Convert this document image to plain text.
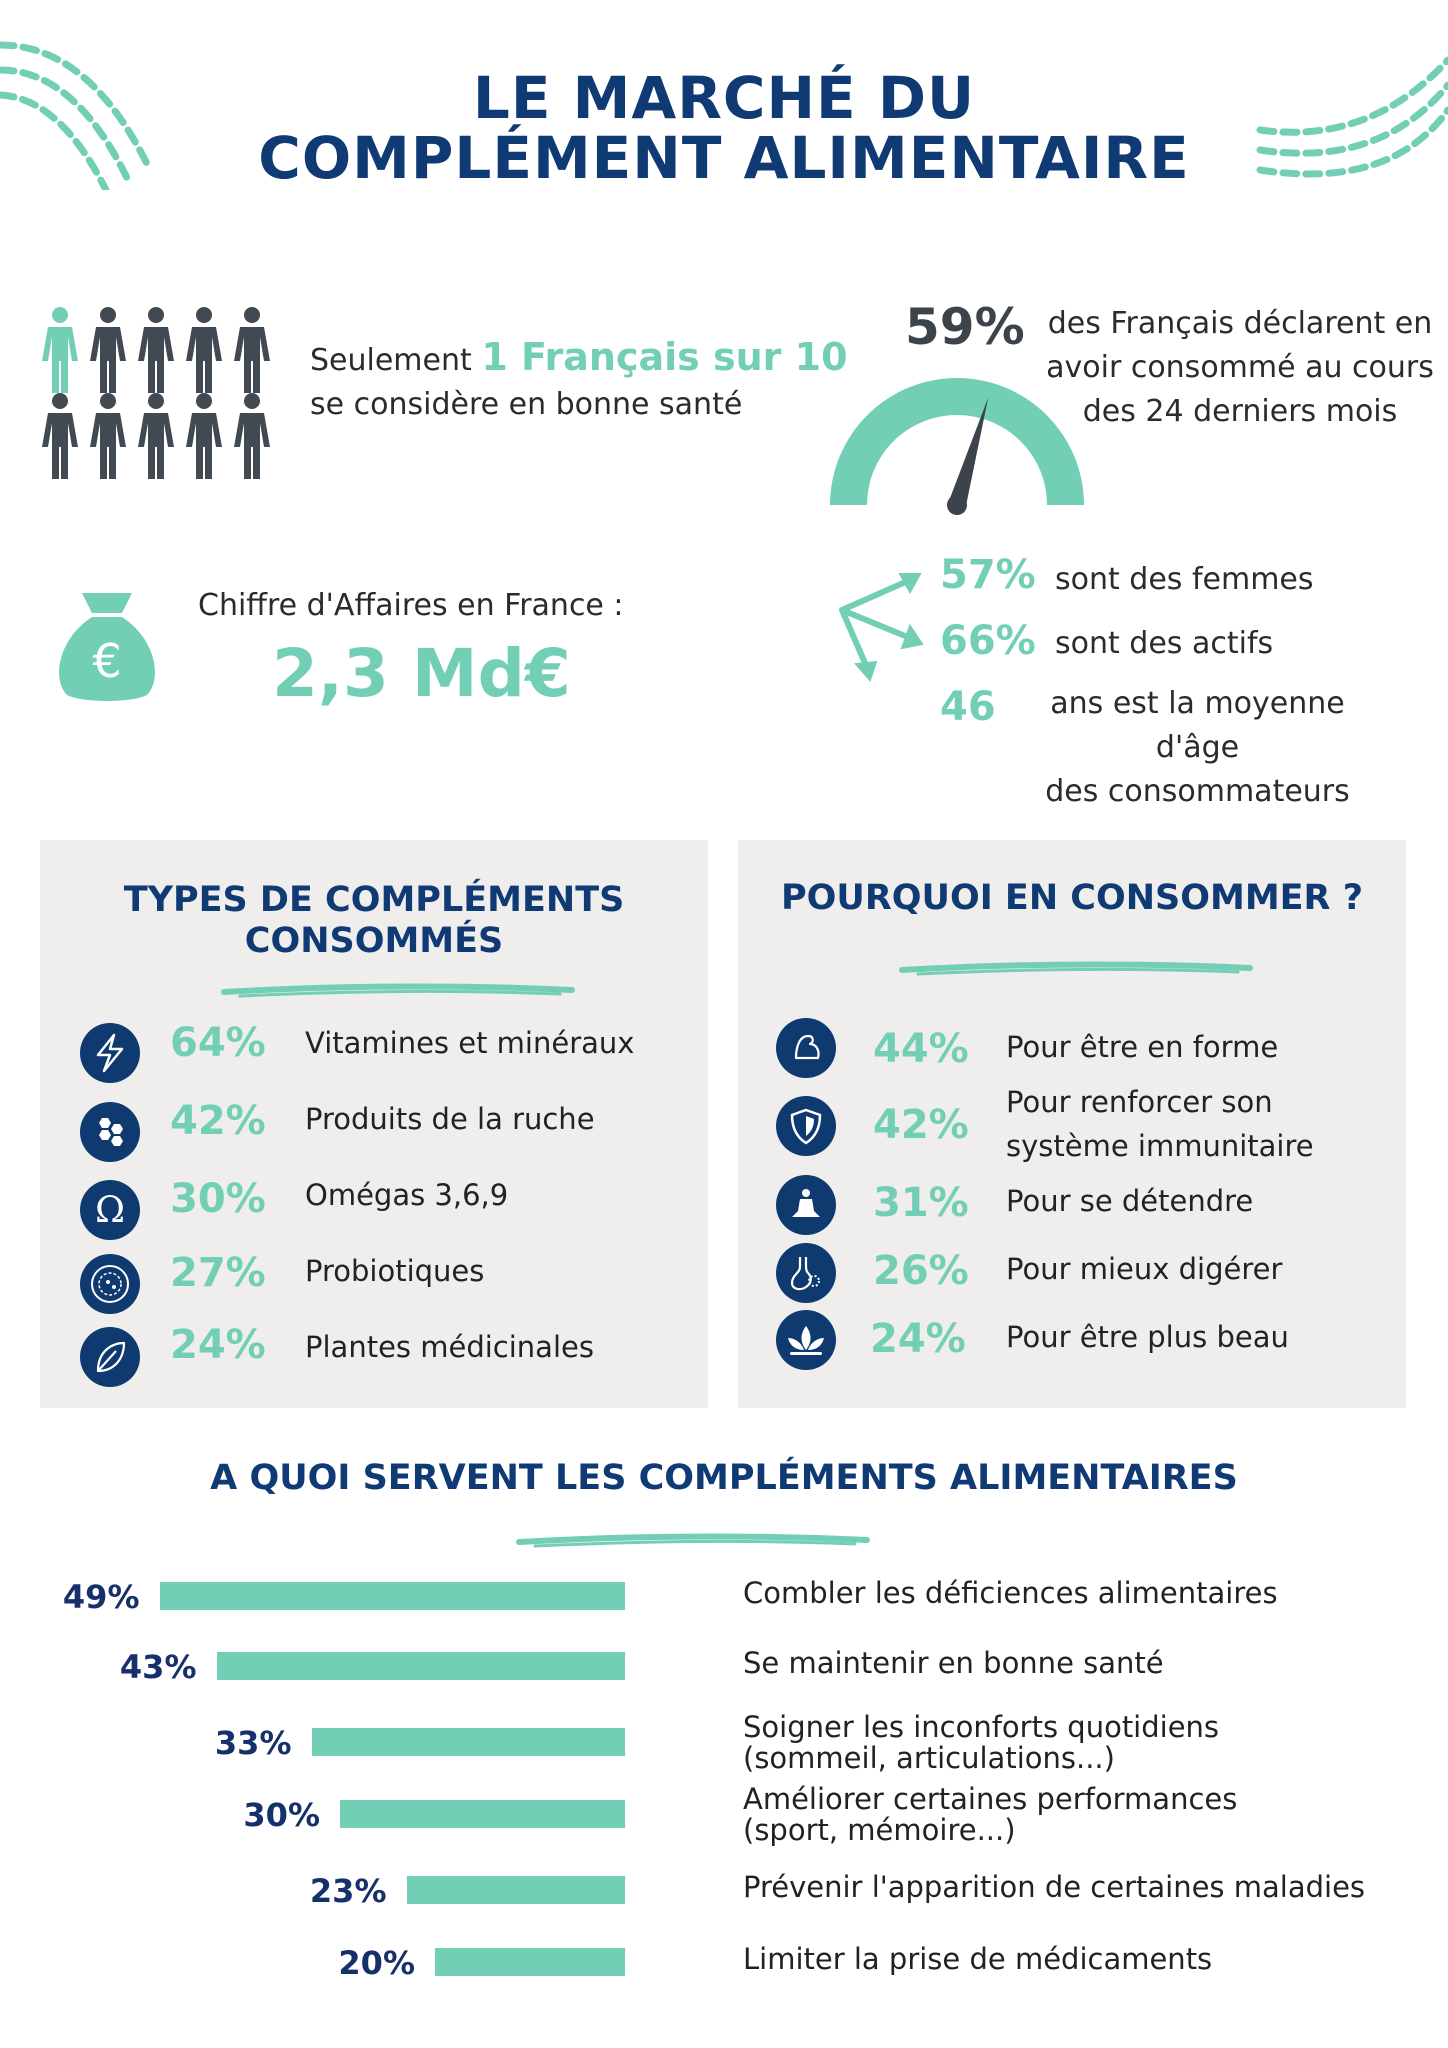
LE MARCHÉ DU
COMPLÉMENT ALIMENTAIRE
Seulement 1 Français sur 10
se considère en bonne santé
59% des Français déclarent en
avoir consommé au cours
des 24 derniers mois
€
Chiffre d'Affaires en France :
2,3 Md€
57% sont des femmes
66% sont des actifs
46	ans est la moyenne d'âge
des consommateurs
TYPES DE COMPLÉMENTS
CONSOMMÉS
64% Vitamines et minéraux
42% Produits de la ruche
Ω 30% Omégas 3,6,9
27% Probiotiques
24% Plantes médicinales
POURQUOI EN CONSOMMER ?
44% Pour être en forme
42% Pour renforcer son
système immunitaire
31% Pour se détendre
26% Pour mieux digérer
24% Pour être plus beau
A QUOI SERVENT LES COMPLÉMENTS ALIMENTAIRES
49%	Combler les déficiences alimentaires
43%	Se maintenir en bonne santé
33%	Soigner les inconforts quotidiens
(sommeil, articulations...)
30%	Améliorer certaines performances
(sport, mémoire...)
23%	Prévenir l'apparition de certaines maladies
20%	Limiter la prise de médicaments
